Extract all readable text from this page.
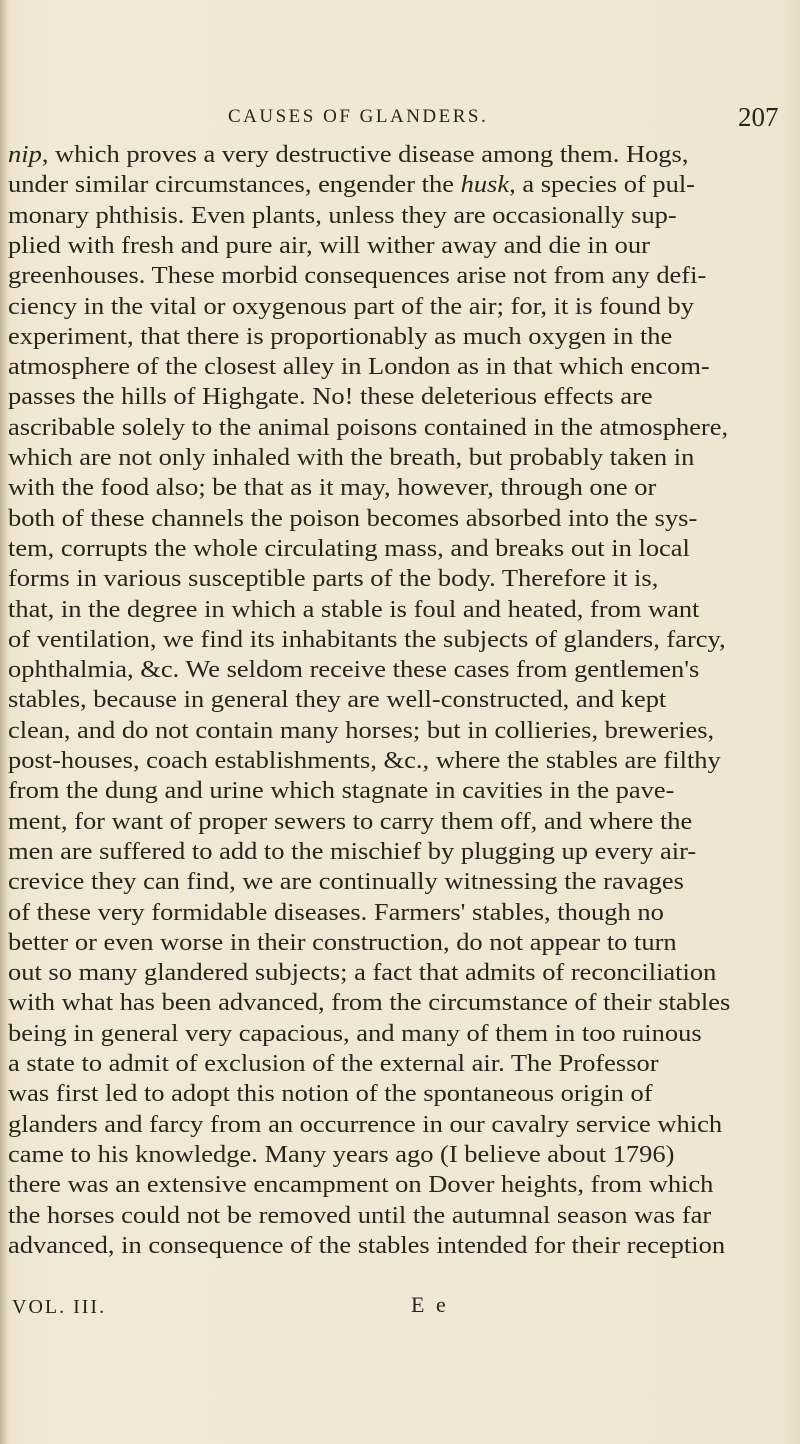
CAUSES OF GLANDERS.	207
nip, which proves a very destructive disease among them. Hogs,
under similar circumstances, engender the husk, a species of pul-
monary phthisis. Even plants, unless they are occasionally sup-
plied with fresh and pure air, will wither away and die in our
greenhouses. These morbid consequences arise not from any defi-
ciency in the vital or oxygenous part of the air; for, it is found by
experiment, that there is proportionably as much oxygen in the
atmosphere of the closest alley in London as in that which encom-
passes the hills of Highgate. No! these deleterious effects are
ascribable solely to the animal poisons contained in the atmosphere,
which are not only inhaled with the breath, but probably taken in
with the food also; be that as it may, however, through one or
both of these channels the poison becomes absorbed into the sys-
tem, corrupts the whole circulating mass, and breaks out in local
forms in various susceptible parts of the body. Therefore it is,
that, in the degree in which a stable is foul and heated, from want
of ventilation, we find its inhabitants the subjects of glanders, farcy,
ophthalmia, &c. We seldom receive these cases from gentlemen's
stables, because in general they are well-constructed, and kept
clean, and do not contain many horses; but in collieries, breweries,
post-houses, coach establishments, &c., where the stables are filthy
from the dung and urine which stagnate in cavities in the pave-
ment, for want of proper sewers to carry them off, and where the
men are suffered to add to the mischief by plugging up every air-
crevice they can find, we are continually witnessing the ravages
of these very formidable diseases. Farmers' stables, though no
better or even worse in their construction, do not appear to turn
out so many glandered subjects; a fact that admits of reconciliation
with what has been advanced, from the circumstance of their stables
being in general very capacious, and many of them in too ruinous
a state to admit of exclusion of the external air. The Professor
was first led to adopt this notion of the spontaneous origin of
glanders and farcy from an occurrence in our cavalry service which
came to his knowledge. Many years ago (I believe about 1796)
there was an extensive encampment on Dover heights, from which
the horses could not be removed until the autumnal season was far
advanced, in consequence of the stables intended for their reception
VOL. III.	E e
